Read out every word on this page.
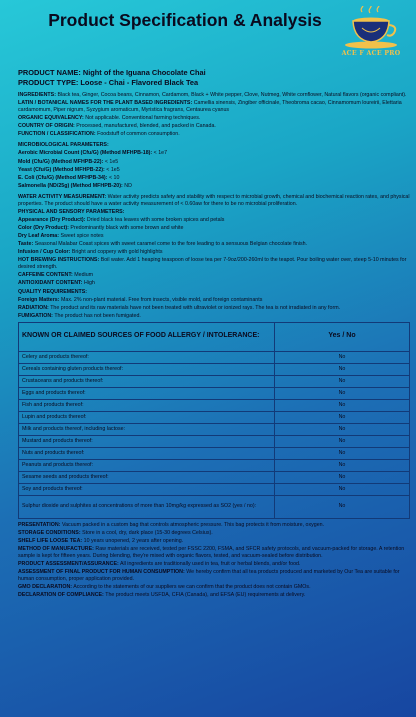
Product Specification & Analysis
ACE F ACE PRO
PRODUCT NAME: Night of the Iguana Chocolate Chai
PRODUCT TYPE: Loose - Chai - Flavored Black Tea

INGREDIENTS: Black tea, Ginger, Cocoa beans, Cinnamon, Cardamom, Black + White pepper, Clove, Nutmeg, White cornflower, Natural flavors (organic compliant).

LATIN / BOTANICAL NAMES FOR THE PLANT BASED INGREDIENTS: Camellia sinensis, Zingiber officinale, Theobroma cacao, Cinnamomum loureirii, Elettaria cardamomum, Piper nigrum, Syzygium aromaticum, Myristica fragrans, Centaurea cyanus

ORGANIC EQUIVALENCY: Not applicable. Conventional farming techniques.

COUNTRY OF ORIGIN: Processed, manufactured, blended, and packed in Canada.

FUNCTION / CLASSIFICATION: Foodstuff of common consumption.

MICROBIOLOGICAL PARAMETERS:

Aerobic Microbial Count (Cfu/G) (Method MFHPB-18): < 1e7

Mold (Cfu/G) (Method MFHPB-22): < 1e5

Yeast (Cfu/G) (Method MFHPB-22): < 1e5

E. Coli (Cfu/G) (Method MFHPB-34): < 10

Salmonella (ND/25g) (Method MFHPB-20): ND

WATER ACTIVITY MEASUREMENT: Water activity predicts safety and stability with respect to microbial growth, chemical and biochemical reaction rates, and physical properties. The product should have a water activity measurement of < 0.60aw for there to be no microbial proliferation.

PHYSICAL AND SENSORY PARAMETERS:

Appearance (Dry Product): Dried black tea leaves with some broken spices and petals

Color (Dry Product): Predominantly black with some brown and white

Dry Leaf Aroma: Sweet spice notes

Taste: Seasonal Malabar Coast spices with sweet caramel come to the fore leading to a sensuous Belgian chocolate finish.

Infusion / Cup Color: Bright and coppery with gold highlights

HOT BREWING INSTRUCTIONS: Boil water. Add 1 heaping teaspoon of loose tea per 7-9oz/200-260ml to the teapot. Pour boiling water over, steep 5-10 minutes for desired strength.

CAFFEINE CONTENT: Medium

ANTIOXIDANT CONTENT: High

QUALITY REQUIREMENTS:

Foreign Matters: Max. 2% non-plant material. Free from insects, visible mold, and foreign contaminants

RADIATION: The product and its raw materials have not been treated with ultraviolet or ionized rays. The tea is not irradiated in any form.

FUMIGATION: The product has not been fumigated.

KNOWN OR CLAIMED SOURCES OF FOOD ALLERGY / INTOLERANCE:	Yes / No
Celery and products thereof:	No
Cereals containing gluten products thereof:	No
Crustaceans and products thereof:	No
Eggs and products thereof:	No
Fish and products thereof:	No
Lupin and products thereof:	No
Milk and products thereof, including lactose:	No
Mustard and products thereof:	No
Nuts and products thereof:	No
Peanuts and products thereof:	No
Sesame seeds and products thereof:	No
Soy and products thereof:	No
Sulphur dioxide and sulphites at concentrations of more than 10mg/kg expressed as SO2 (yes / no):	No

PRESENTATION: Vacuum packed in a custom bag that controls atmospheric pressure. This bag protects it from moisture, oxygen.

STORAGE CONDITIONS: Store in a cool, dry, dark place (15-30 degrees Celsius).

SHELF LIFE LOOSE TEA: 10 years unopened, 2 years after opening.

METHOD OF MANUFACTURE: Raw materials are received, tested per FSSC 2200, FSMA, and SFCR safety protocols, and vacuum-packed for storage. A retention sample is kept for fifteen years. During blending, they're mixed with organic flavors, tested, and vacuum-sealed before distribution.

PRODUCT ASSESSMENT/ASSURANCE: All ingredients are traditionally used in tea, fruit or herbal blends, and/or food.

ASSESSMENT OF FINAL PRODUCT FOR HUMAN CONSUMPTION: We hereby confirm that all tea products produced and marketed by Our Tea are suitable for human consumption, proper application provided.

GMO DECLARATION: According to the statements of our suppliers we can confirm that the product does not contain GMOs.

DECLARATION OF COMPLIANCE: The product meets USFDA, CFIA (Canada), and EFSA (EU) requirements at delivery.
